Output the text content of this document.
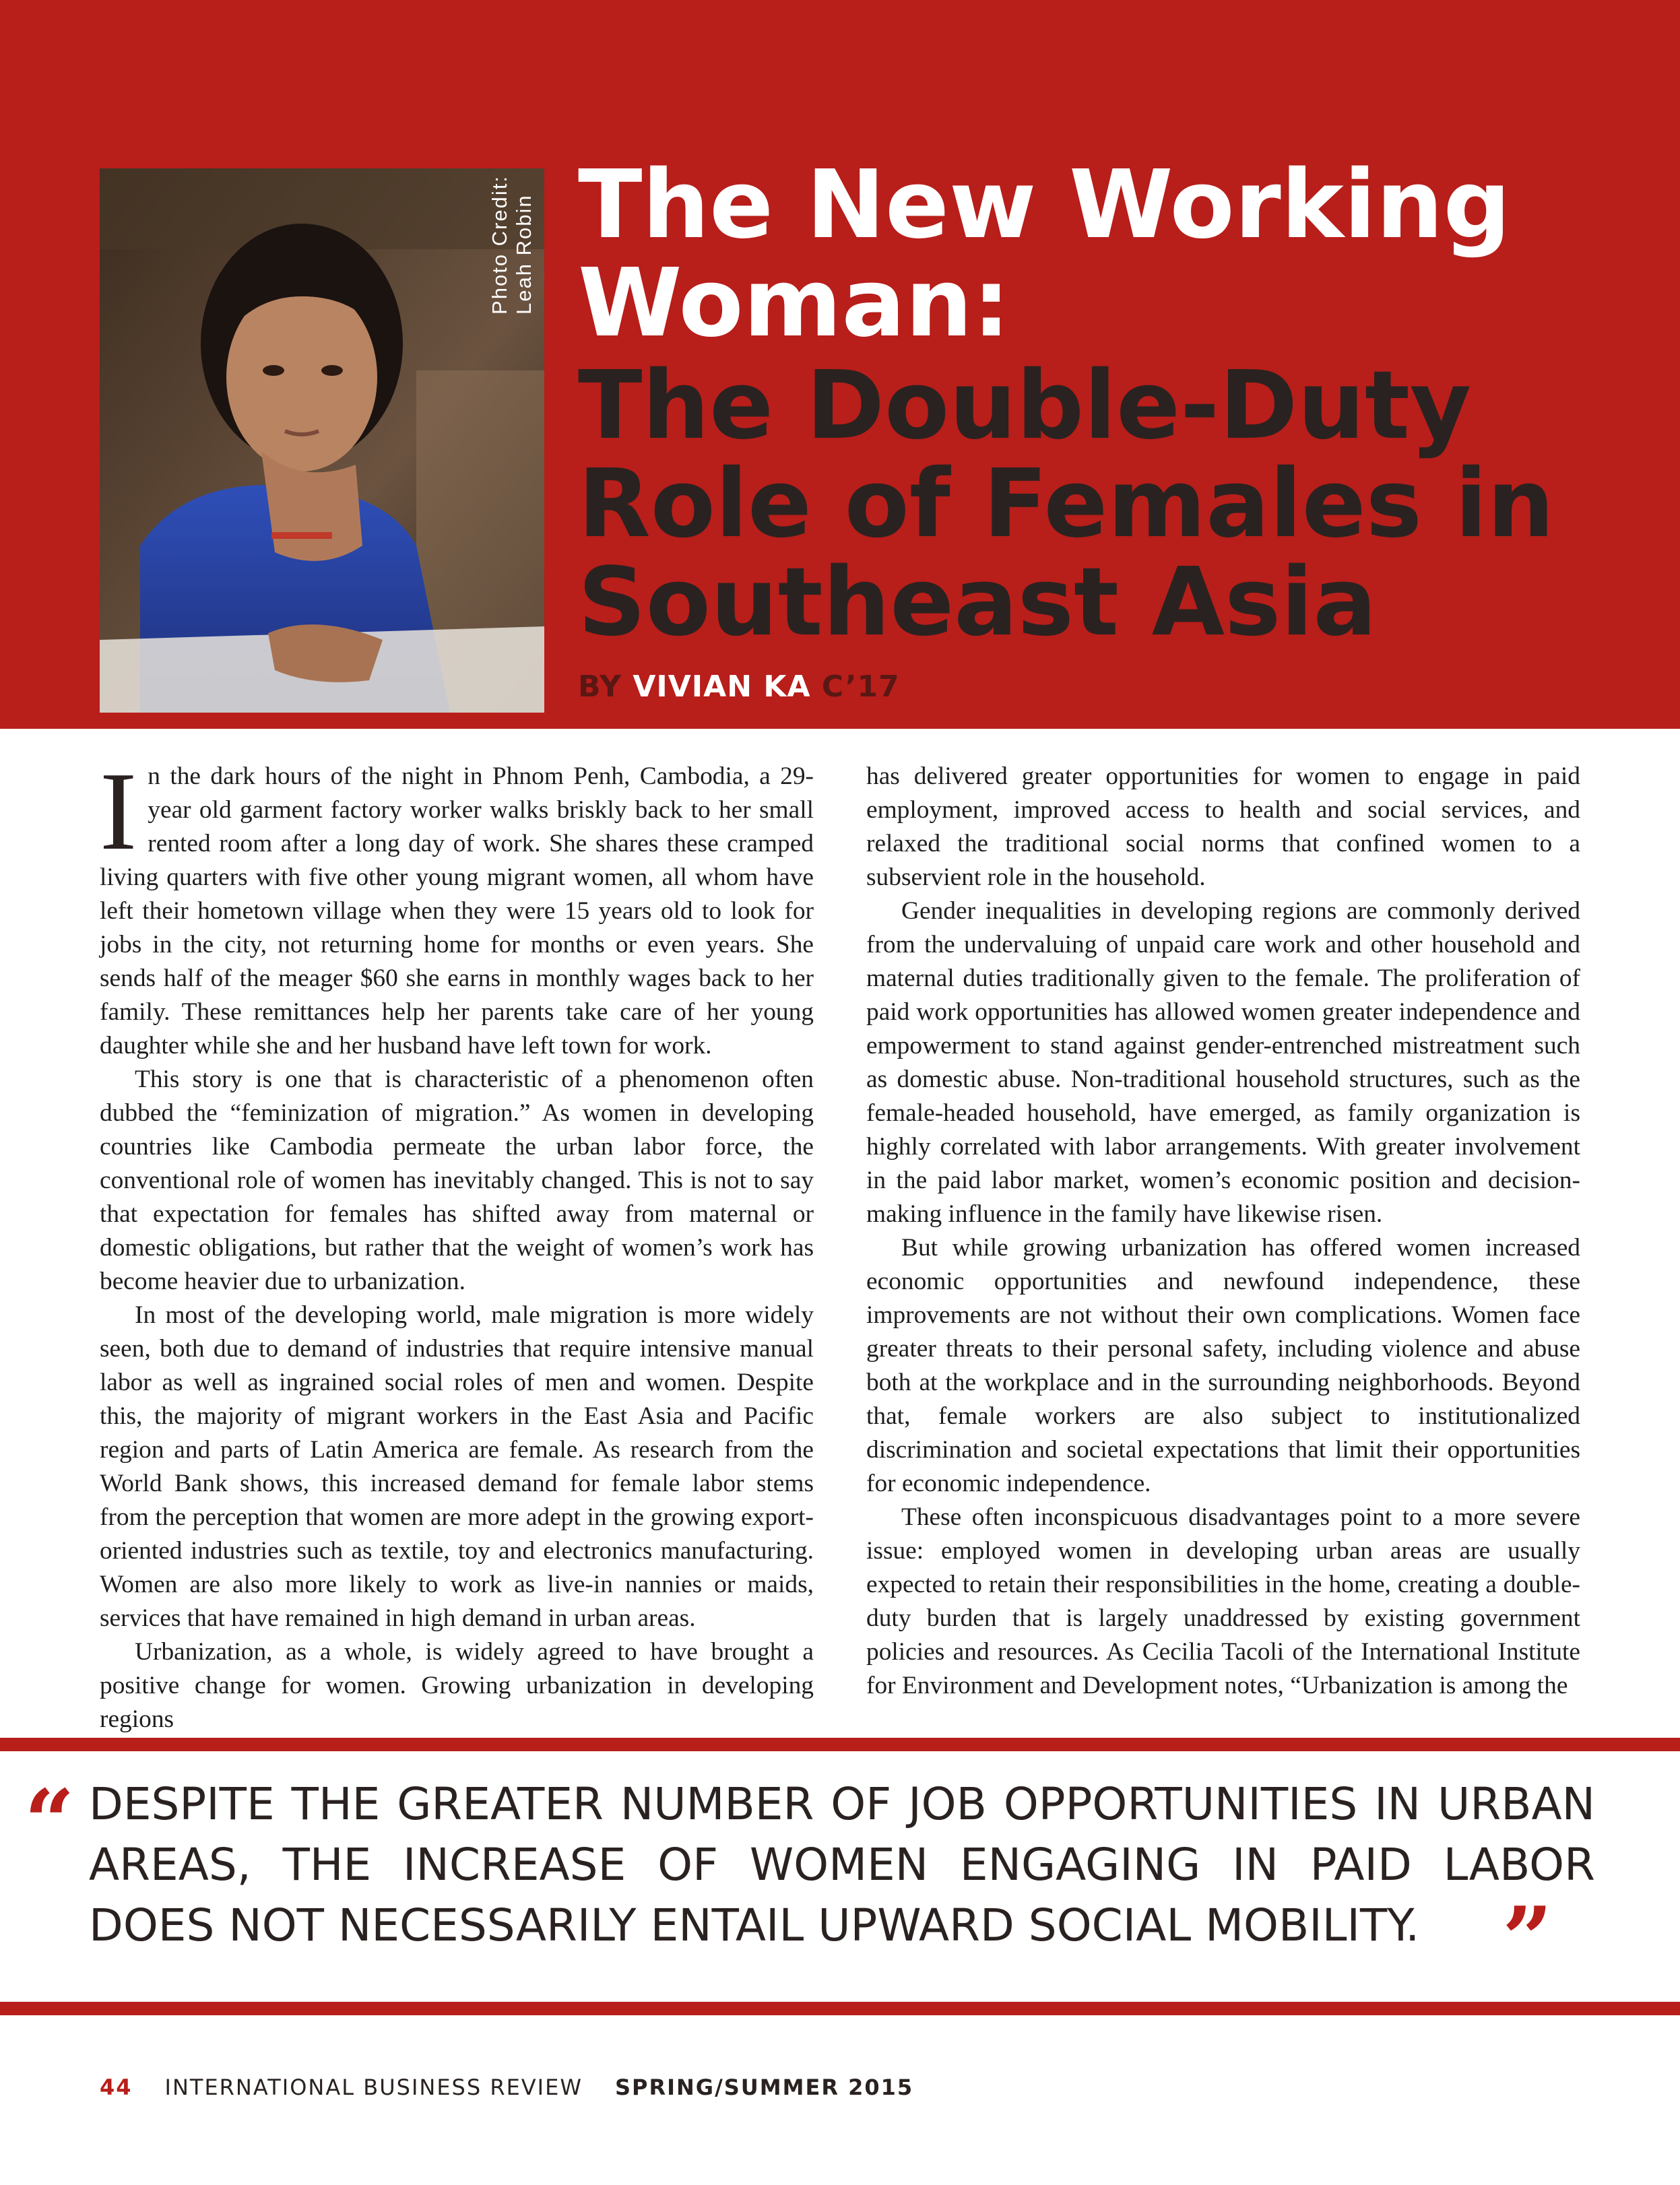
Photo Credit:
Leah Robin The New Working
Woman:
The Double-Duty
Role of Females in
Southeast Asia
BY VIVIAN KA C’17

In the dark hours of the night in Phnom Penh, Cambodia, a 29-year old garment factory worker walks briskly back to her small rented room after a long day of work. She shares these cramped living quarters with five other young migrant women, all whom have left their hometown village when they were 15 years old to look for jobs in the city, not returning home for months or even years. She sends half of the meager $60 she earns in monthly wages back to her family. These remittances help her parents take care of her young daughter while she and her husband have left town for work.

This story is one that is characteristic of a phenomenon often dubbed the “feminization of migration.” As women in developing countries like Cambodia permeate the urban labor force, the conventional role of women has inevitably changed. This is not to say that expectation for females has shifted away from maternal or domestic obligations, but rather that the weight of women’s work has become heavier due to urbanization.

In most of the developing world, male migration is more widely seen, both due to demand of industries that require intensive manual labor as well as ingrained social roles of men and women. Despite this, the majority of migrant workers in the East Asia and Pacific region and parts of Latin America are female. As research from the World Bank shows, this increased demand for female labor stems from the perception that women are more adept in the growing export-oriented industries such as textile, toy and electronics manufacturing. Women are also more likely to work as live-in nannies or maids, services that have remained in high demand in urban areas.

Urbanization, as a whole, is widely agreed to have brought a positive change for women. Growing urbanization in developing regions

has delivered greater opportunities for women to engage in paid employment, improved access to health and social services, and relaxed the traditional social norms that confined women to a subservient role in the household.

Gender inequalities in developing regions are commonly derived from the undervaluing of unpaid care work and other household and maternal duties traditionally given to the female. The proliferation of paid work opportunities has allowed women greater independence and empowerment to stand against gender-entrenched mistreatment such as domestic abuse. Non-traditional household structures, such as the female-headed household, have emerged, as family organization is highly correlated with labor arrangements. With greater involvement in the paid labor market, women’s economic position and decision-making influence in the family have likewise risen.

But while growing urbanization has offered women increased economic opportunities and newfound independence, these improvements are not without their own complications. Women face greater threats to their personal safety, including violence and abuse both at the workplace and in the surrounding neighborhoods. Beyond that, female workers are also subject to institutionalized discrimination and societal expectations that limit their opportunities for economic independence.

These often inconspicuous disadvantages point to a more severe issue: employed women in developing urban areas are usually expected to retain their responsibilities in the home, creating a double-duty burden that is largely unaddressed by existing government policies and resources. As Cecilia Tacoli of the International Institute for Environment and Development notes, “Urbanization is among the

“ DESPITE THE GREATER NUMBER OF JOB OPPORTUNITIES IN URBAN AREAS, THE INCREASE OF WOMEN ENGAGING IN PAID LABOR DOES NOT NECESSARILY ENTAIL UPWARD SOCIAL MOBILITY. ”
44 INTERNATIONAL BUSINESS REVIEW SPRING/SUMMER 2015
